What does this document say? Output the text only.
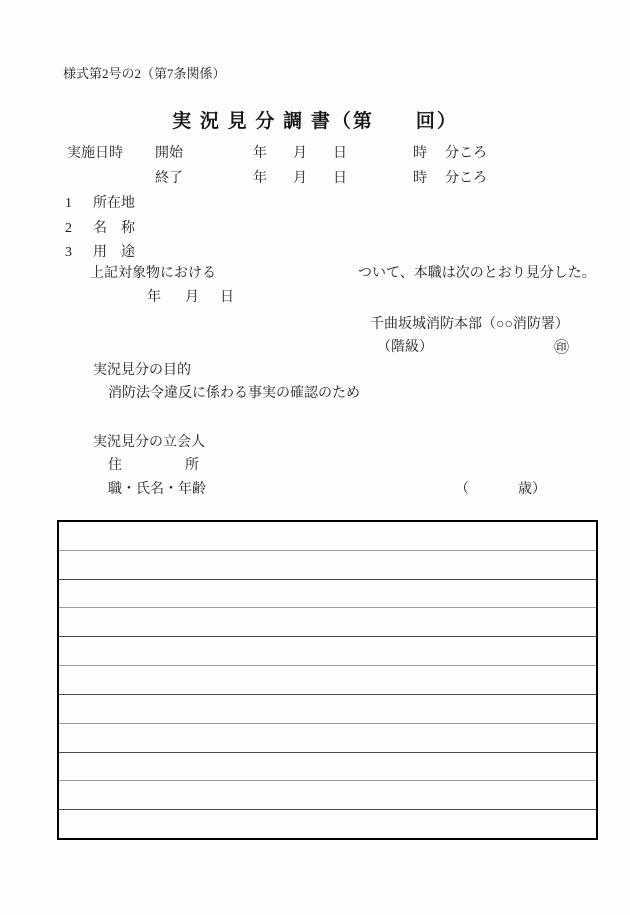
様式第2号の2（第7条関係）
実 況 見 分 調 書（第　　回）
実施日時 開始	年 月 日	時 分ころ
終了	年 月 日	時 分ころ
1 所在地
2 名　称
3 用　途
上記対象物における	ついて、本職は次のとおり見分した。
年 月 日
千曲坂城消防本部（○○消防署）
（階級）	㊞
実況見分の目的
消防法令違反に係わる事実の確認のため
実況見分の立会人
住	所
職・氏名・年齢	（	歳）
